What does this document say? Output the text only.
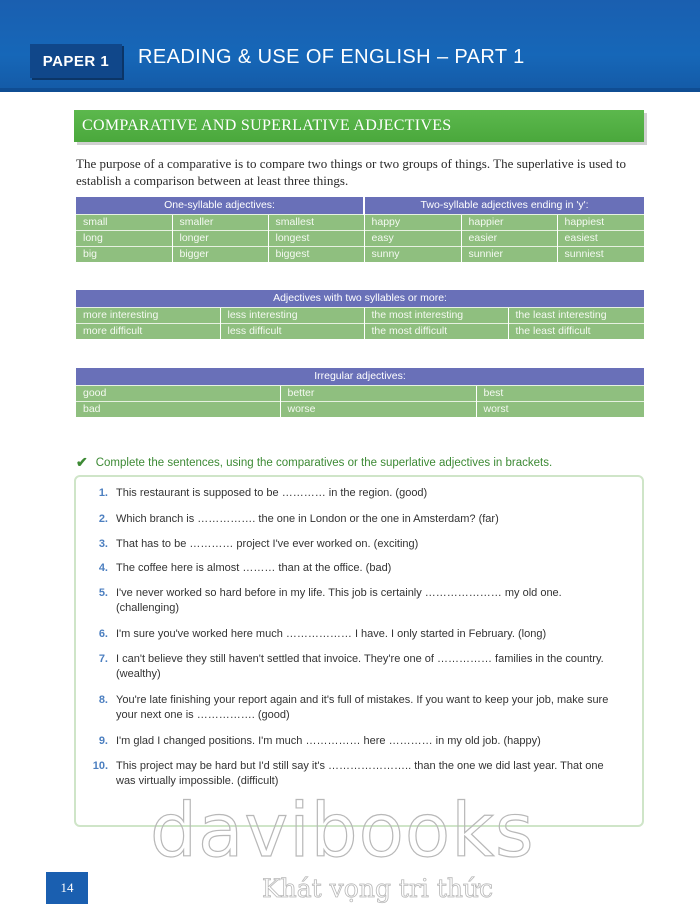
PAPER 1	READING & USE OF ENGLISH – PART 1
COMPARATIVE AND SUPERLATIVE ADJECTIVES
The purpose of a comparative is to compare two things or two groups of things. The superlative is used to establish a comparison between at least three things.
One-syllable adjectives:			Two-syllable adjectives ending in 'y':		
small	smaller	smallest	happy	happier	happiest
long	longer	longest	easy	easier	easiest
big	bigger	biggest	sunny	sunnier	sunniest
Adjectives with two syllables or more:			
more interesting	less interesting	the most interesting	the least interesting
more difficult	less difficult	the most difficult	the least difficult
Irregular adjectives:		
good	better	best
bad	worse	worst
✔ Complete the sentences, using the comparatives or the superlative adjectives in brackets.
1. This restaurant is supposed to be ………… in the region. (good)
2. Which branch is ……………. the one in London or the one in Amsterdam? (far)
3. That has to be ………… project I've ever worked on. (exciting)
4. The coffee here is almost ……… than at the office. (bad)
5. I've never worked so hard before in my life. This job is certainly ………………… my old one. (challenging)
6. I'm sure you've worked here much ……………… I have. I only started in February. (long)
7. I can't believe they still haven't settled that invoice. They're one of …………… families in the country. (wealthy)
8. You're late finishing your report again and it's full of mistakes. If you want to keep your job, make sure your next one is ……………. (good)
9. I'm glad I changed positions. I'm much …………… here ………… in my old job. (happy)
10. This project may be hard but I'd still say it's ………………….. than the one we did last year. That one was virtually impossible. (difficult)
davibooks
Khát vọng tri thức
14
